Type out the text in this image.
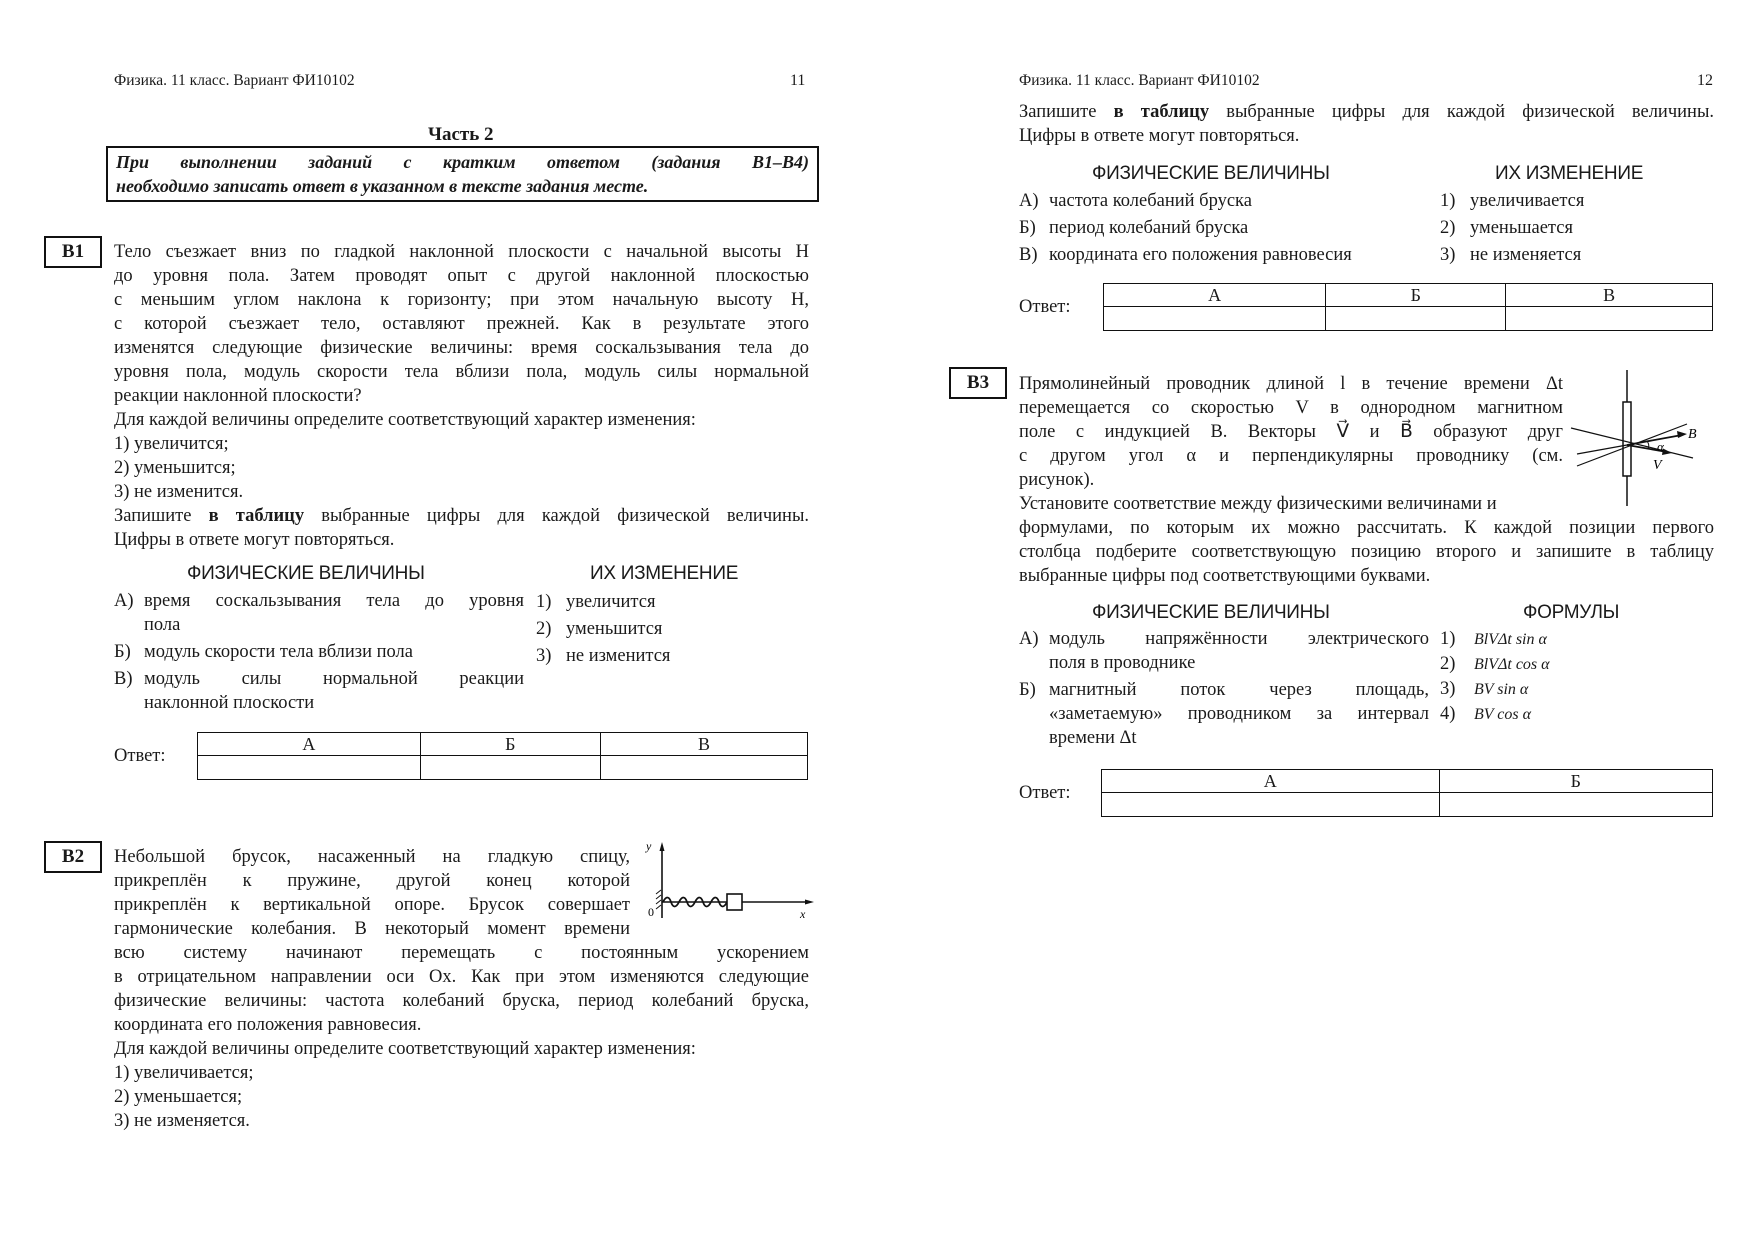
Физика. 11 класс. Вариант ФИ10102	11
Часть 2
При выполнении заданий с кратким ответом (задания B1–B4)
необходимо записать ответ в указанном в тексте задания месте.
B1	Тело съезжает вниз по гладкой наклонной плоскости с начальной высоты H
до уровня пола. Затем проводят опыт с другой наклонной плоскостью
с меньшим углом наклона к горизонту; при этом начальную высоту H,
с которой съезжает тело, оставляют прежней. Как в результате этого
изменятся следующие физические величины: время соскальзывания тела до
уровня пола, модуль скорости тела вблизи пола, модуль силы нормальной
реакции наклонной плоскости?
Для каждой величины определите соответствующий характер изменения:
1) увеличится;
2) уменьшится;
3) не изменится.
Запишите в таблицу выбранные цифры для каждой физической величины.
Цифры в ответе могут повторяться.
ФИЗИЧЕСКИЕ ВЕЛИЧИНЫ	ИХ ИЗМЕНЕНИЕ
А) время соскальзывания тела до уровня
пола
Б) модуль скорости тела вблизи пола
В) модуль силы нормальной реакции
наклонной плоскости
1) увеличится
2) уменьшится
3) не изменится
Ответ:
А	Б	В

B2	Небольшой брусок, насаженный на гладкую спицу,
прикреплён к пружине, другой конец которой
прикреплён к вертикальной опоре. Брусок совершает
гармонические колебания. В некоторый момент времени
y
x
0
всю систему начинают перемещать с постоянным ускорением
в отрицательном направлении оси Ox. Как при этом изменяются следующие
физические величины: частота колебаний бруска, период колебаний бруска,
координата его положения равновесия.
Для каждой величины определите соответствующий характер изменения:
1) увеличивается;
2) уменьшается;
3) не изменяется.
Физика. 11 класс. Вариант ФИ10102	12
Запишите в таблицу выбранные цифры для каждой физической величины.
Цифры в ответе могут повторяться.
ФИЗИЧЕСКИЕ ВЕЛИЧИНЫ	ИХ ИЗМЕНЕНИЕ
А) частота колебаний бруска
Б) период колебаний бруска
В) координата его положения равновесия
1) увеличивается
2) уменьшается
3) не изменяется
Ответ:
А	Б	В

B3	Прямолинейный проводник длиной l в течение времени Δt
перемещается со скоростью V в однородном магнитном
поле с индукцией B. Векторы V⃗ и B⃗ образуют друг
с другом угол α и перпендикулярны проводнику (см.
рисунок).
Установите соответствие между физическими величинами и
B⃗
V⃗
α
формулами, по которым их можно рассчитать. К каждой позиции первого
столбца подберите соответствующую позицию второго и запишите в таблицу
выбранные цифры под соответствующими буквами.
ФИЗИЧЕСКИЕ ВЕЛИЧИНЫ	ФОРМУЛЫ
А) модуль напряжённости электрического
поля в проводнике
Б) магнитный поток через площадь,
«заметаемую» проводником за интервал
времени Δt
1) BlVΔt sin α
2) BlVΔt cos α
3) BV sin α
4) BV cos α
Ответ:
А	Б
